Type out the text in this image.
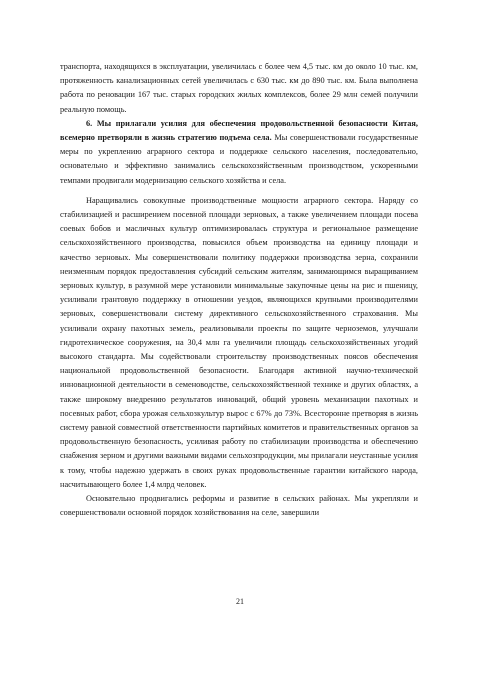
транспорта, находящихся в эксплуатации, увеличилась с более чем 4,5 тыс. км до около 10 тыс. км, протяженность канализационных сетей увеличилась с 630 тыс. км до 890 тыс. км. Была выполнена работа по реновации 167 тыс. старых городских жилых комплексов, более 29 млн семей получили реальную помощь.

6. Мы прилагали усилия для обеспечения продовольственной безопасности Китая, всемерно претворяли в жизнь стратегию подъема села. Мы совершенствовали государственные меры по укреплению аграрного сектора и поддержке сельского населения, последовательно, основательно и эффективно занимались сельскохозяйственным производством, ускоренными темпами продвигали модернизацию сельского хозяйства и села.

Наращивались совокупные производственные мощности аграрного сектора. Наряду со стабилизацией и расширением посевной площади зерновых, а также увеличением площади посева соевых бобов и масличных культур оптимизировалась структура и региональное размещение сельскохозяйственного производства, повысился объем производства на единицу площади и качество зерновых. Мы совершенствовали политику поддержки производства зерна, сохранили неизменным порядок предоставления субсидий сельским жителям, занимающимся выращиванием зерновых культур, в разумной мере установили минимальные закупочные цены на рис и пшеницу, усиливали грантовую поддержку в отношении уездов, являющихся крупными производителями зерновых, совершенствовали систему директивного сельскохозяйственного страхования. Мы усиливали охрану пахотных земель, реализовывали проекты по защите черноземов, улучшали гидротехническое сооружения, на 30,4 млн га увеличили площадь сельскохозяйственных угодий высокого стандарта. Мы содействовали строительству производственных поясов обеспечения национальной продовольственной безопасности. Благодаря активной научно-технической инновационной деятельности в семеноводстве, сельскохозяйственной технике и других областях, а также широкому внедрению результатов инноваций, общий уровень механизации пахотных и посевных работ, сбора урожая сельхозкультур вырос с 67% до 73%. Всесторонне претворяя в жизнь систему равной совместной ответственности партийных комитетов и правительственных органов за продовольственную безопасность, усиливая работу по стабилизации производства и обеспечению снабжения зерном и другими важными видами сельхозпродукции, мы прилагали неустанные усилия к тому, чтобы надежно удержать в своих руках продовольственные гарантии китайского народа, насчитывающего более 1,4 млрд человек.

Основательно продвигались реформы и развитие в сельских районах. Мы укрепляли и совершенствовали основной порядок хозяйствования на селе, завершили

21
